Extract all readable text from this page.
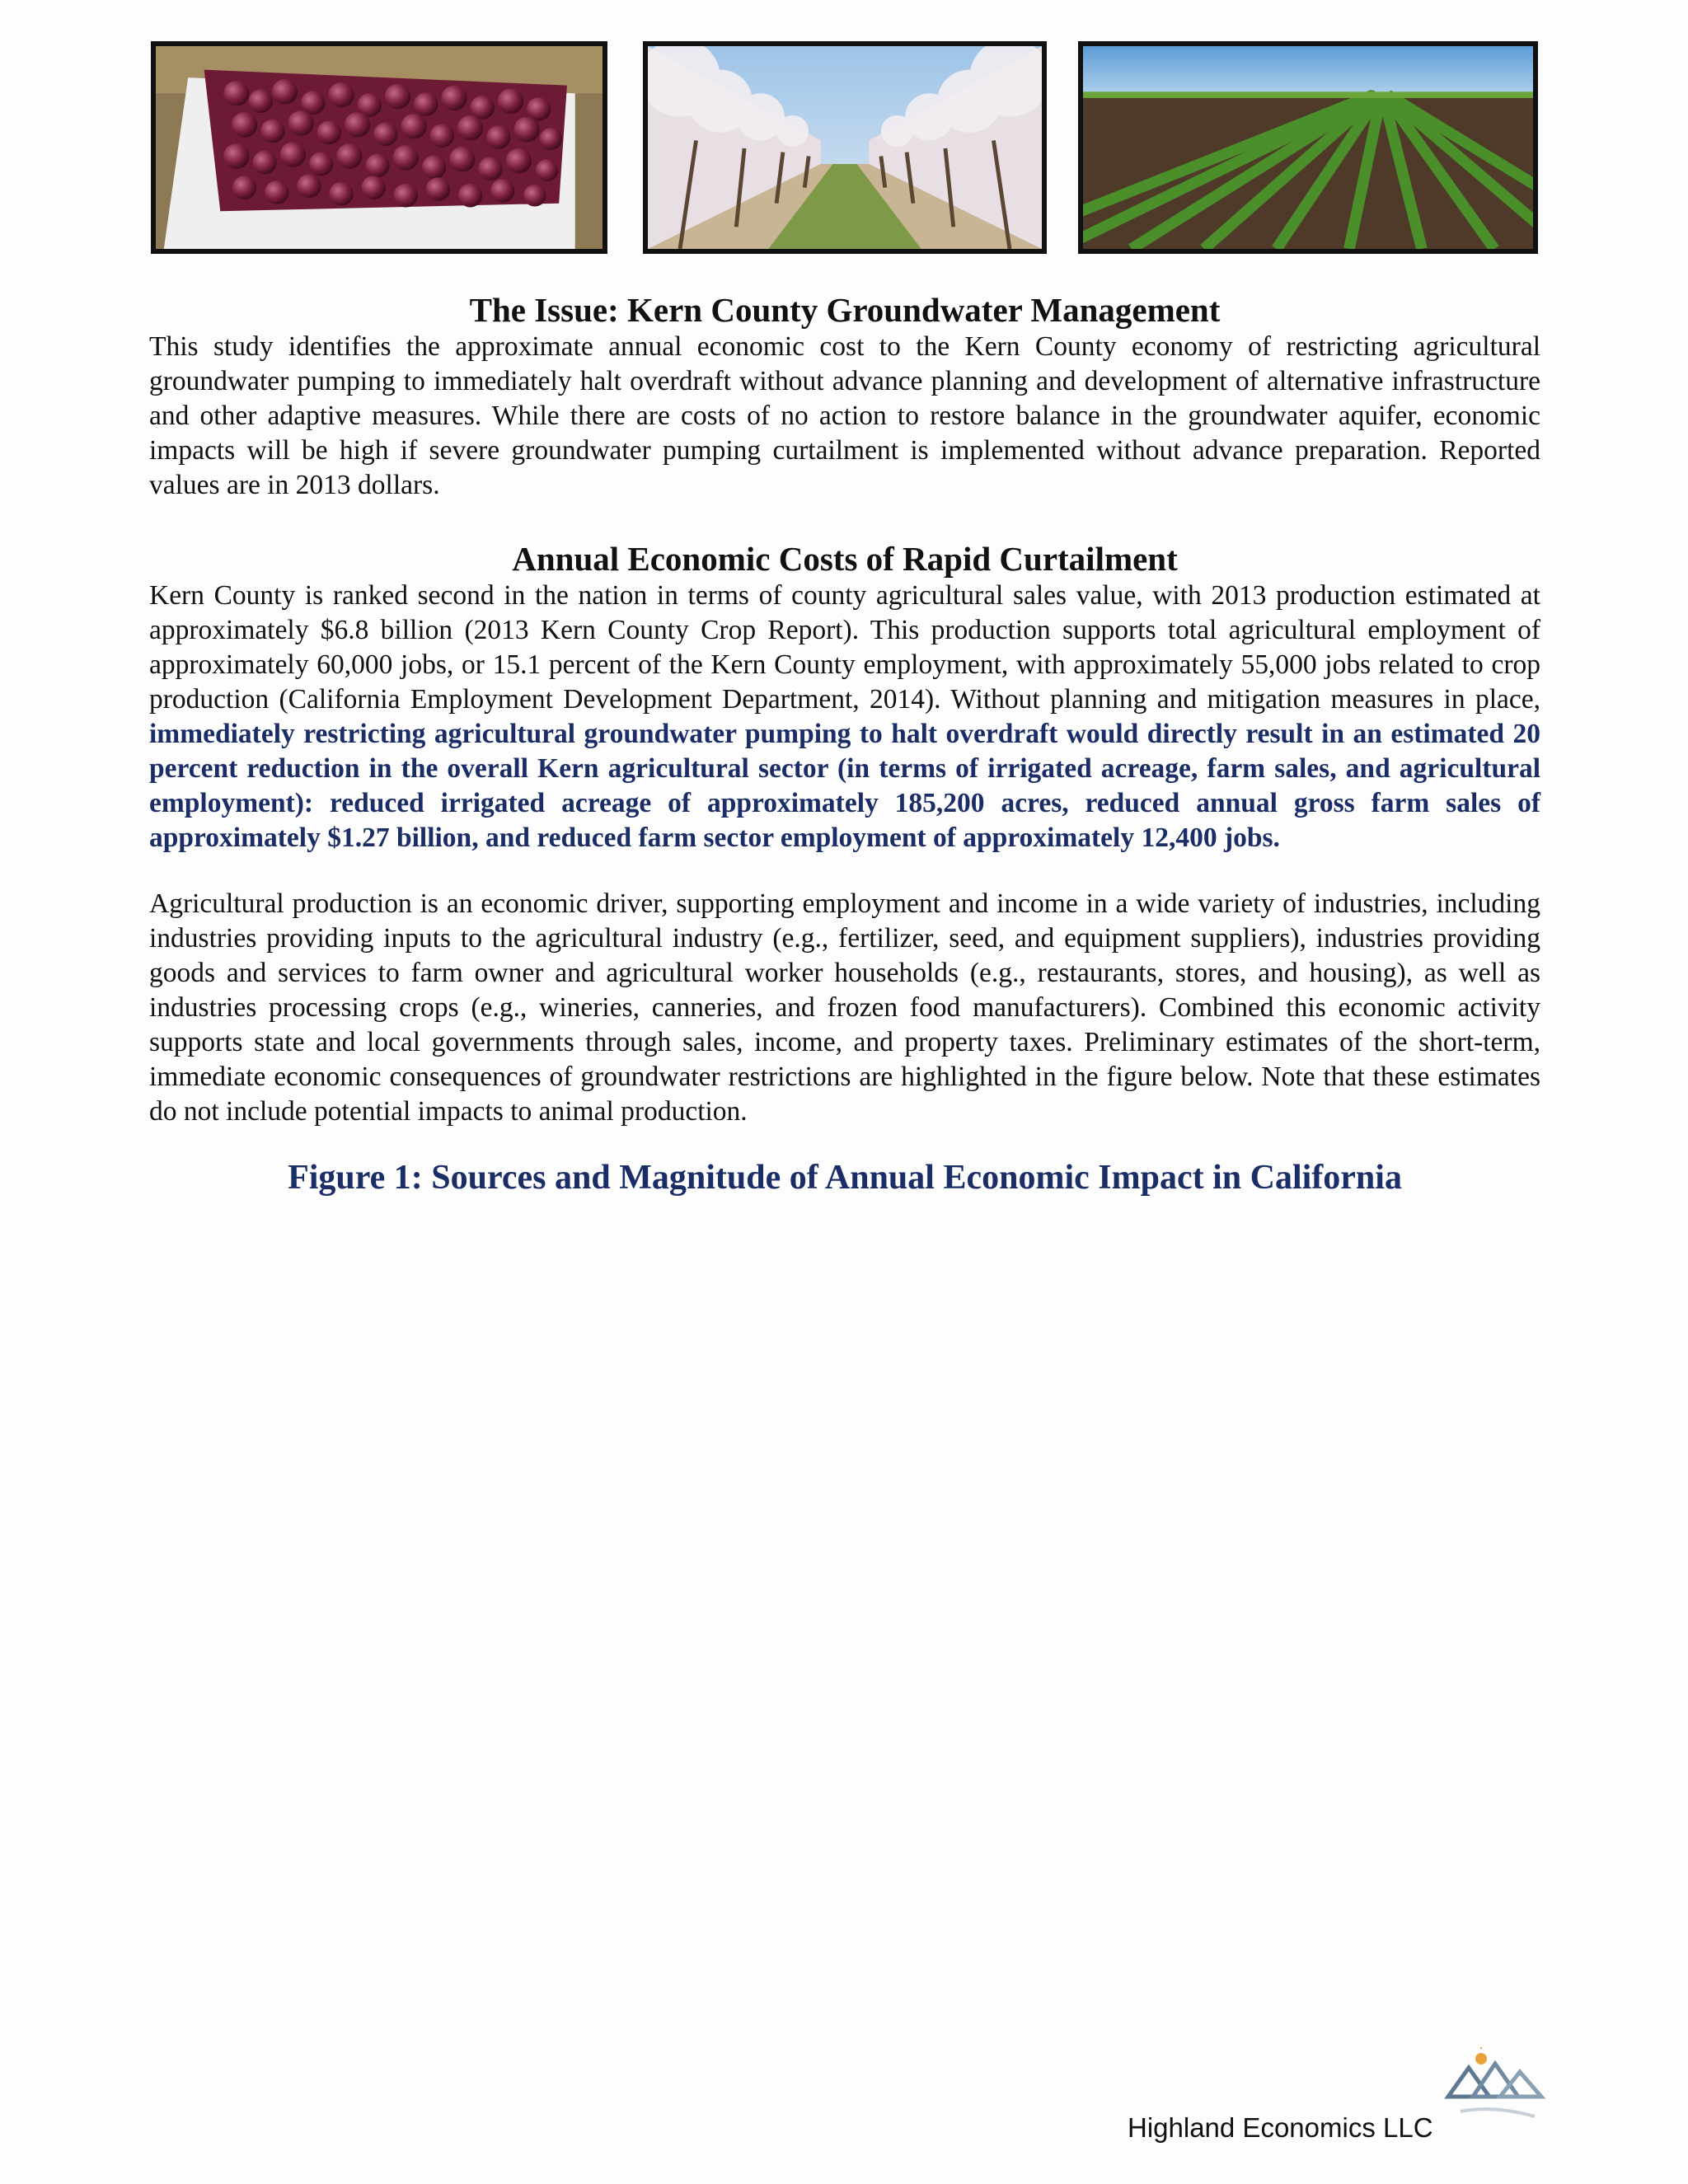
The Issue: Kern County Groundwater Management

This study identifies the approximate annual economic cost to the Kern County economy of restricting agricultural groundwater pumping to immediately halt overdraft without advance planning and development of alternative infrastructure and other adaptive measures. While there are costs of no action to restore balance in the groundwater aquifer, economic impacts will be high if severe groundwater pumping curtailment is implemented without advance preparation. Reported values are in 2013 dollars.

Annual Economic Costs of Rapid Curtailment

Kern County is ranked second in the nation in terms of county agricultural sales value, with 2013 production estimated at approximately $6.8 billion (2013 Kern County Crop Report). This production supports total agricultural employment of approximately 60,000 jobs, or 15.1 percent of the Kern County employment, with approximately 55,000 jobs related to crop production (California Employment Development Department, 2014). Without planning and mitigation measures in place, immediately restricting agricultural groundwater pumping to halt overdraft would directly result in an estimated 20 percent reduction in the overall Kern agricultural sector (in terms of irrigated acreage, farm sales, and agricultural employment): reduced irrigated acreage of approximately 185,200 acres, reduced annual gross farm sales of approximately $1.27 billion, and reduced farm sector employment of approximately 12,400 jobs.

Agricultural production is an economic driver, supporting employment and income in a wide variety of industries, including industries providing inputs to the agricultural industry (e.g., fertilizer, seed, and equipment suppliers), industries providing goods and services to farm owner and agricultural worker households (e.g., restaurants, stores, and housing), as well as industries processing crops (e.g., wineries, canneries, and frozen food manufacturers). Combined this economic activity supports state and local governments through sales, income, and property taxes. Preliminary estimates of the short-term, immediate economic consequences of groundwater restrictions are highlighted in the figure below. Note that these estimates do not include potential impacts to animal production.

Figure 1: Sources and Magnitude of Annual Economic Impact in California
Highland Economics LLC
